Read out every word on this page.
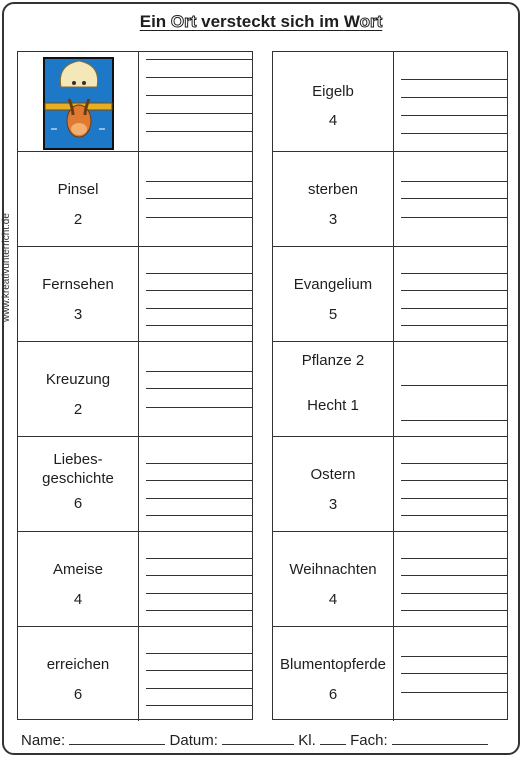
Ein Ort versteckt sich im Wort
www.kreativunterricht.de
Pinsel
2
Fernsehen
3
Kreuzung
2
Liebes-
geschichte
6
Ameise
4
erreichen
6
Eigelb
4
sterben
3
Evangelium
5
Pflanze 2
Hecht 1
Ostern
3
Weihnachten
4
Blumentopferde
6
Name:	Datum:	Kl. Fach:
